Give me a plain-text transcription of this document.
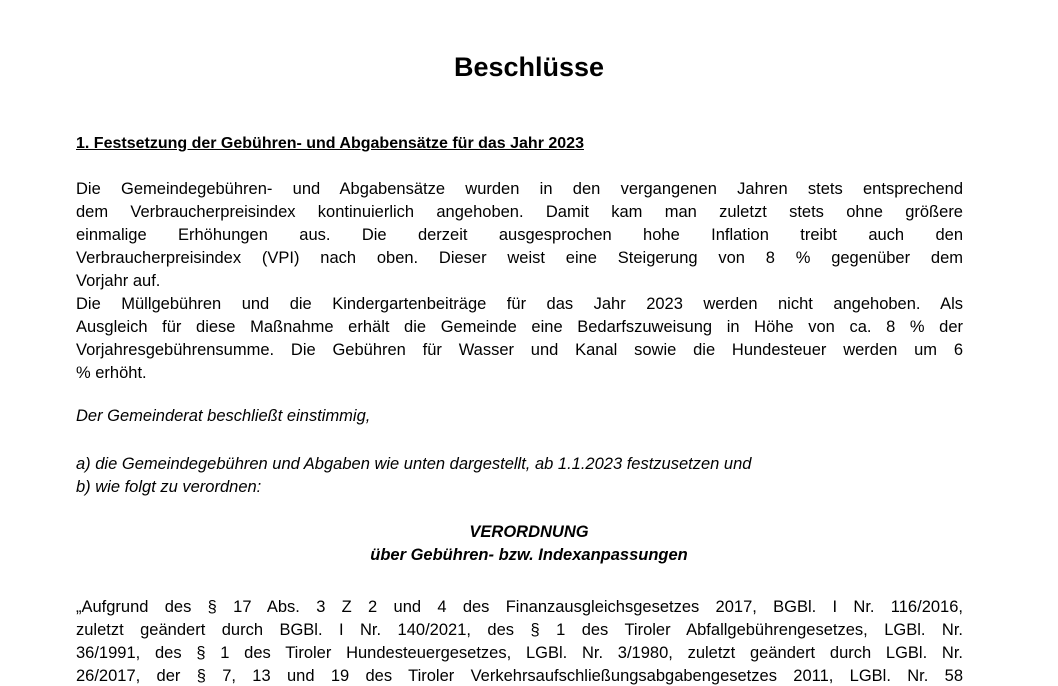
Beschlüsse
1. Festsetzung der Gebühren- und Abgabensätze für das Jahr 2023
Die Gemeindegebühren- und Abgabensätze wurden in den vergangenen Jahren stets entsprechend
dem Verbraucherpreisindex kontinuierlich angehoben. Damit kam man zuletzt stets ohne größere
einmalige Erhöhungen aus. Die derzeit ausgesprochen hohe Inflation treibt auch den
Verbraucherpreisindex (VPI) nach oben. Dieser weist eine Steigerung von 8 % gegenüber dem
Vorjahr auf.
Die Müllgebühren und die Kindergartenbeiträge für das Jahr 2023 werden nicht angehoben. Als
Ausgleich für diese Maßnahme erhält die Gemeinde eine Bedarfszuweisung in Höhe von ca. 8 % der
Vorjahresgebührensumme. Die Gebühren für Wasser und Kanal sowie die Hundesteuer werden um 6
% erhöht.
Der Gemeinderat beschließt einstimmig,
a) die Gemeindegebühren und Abgaben wie unten dargestellt, ab 1.1.2023 festzusetzen und
b) wie folgt zu verordnen:
VERORDNUNG
über Gebühren- bzw. Indexanpassungen
„Aufgrund des § 17 Abs. 3 Z 2 und 4 des Finanzausgleichsgesetzes 2017, BGBl. I Nr. 116/2016,
zuletzt geändert durch BGBl. I Nr. 140/2021, des § 1 des Tiroler Abfallgebührengesetzes, LGBl. Nr.
36/1991, des § 1 des Tiroler Hundesteuergesetzes, LGBl. Nr. 3/1980, zuletzt geändert durch LGBl. Nr.
26/2017, der § 7, 13 und 19 des Tiroler Verkehrsaufschließungsabgabengesetzes 2011, LGBl. Nr. 58
